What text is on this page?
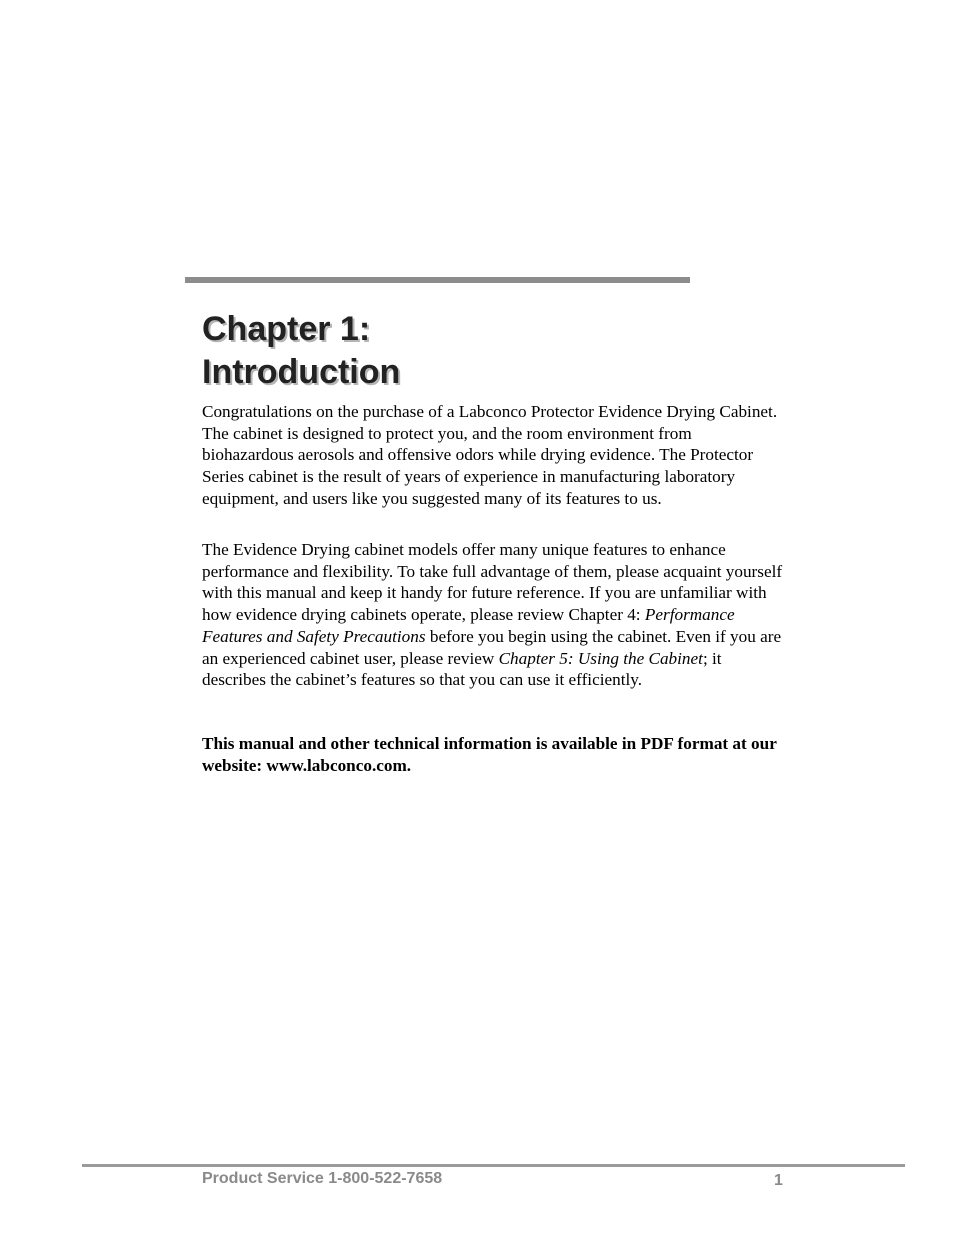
Chapter 1:
Introduction

Congratulations on the purchase of a Labconco Protector Evidence Drying Cabinet. The cabinet is designed to protect you, and the room environment from biohazardous aerosols and offensive odors while drying evidence. The Protector Series cabinet is the result of years of experience in manufacturing laboratory equipment, and users like you suggested many of its features to us.

The Evidence Drying cabinet models offer many unique features to enhance performance and flexibility. To take full advantage of them, please acquaint yourself with this manual and keep it handy for future reference. If you are unfamiliar with how evidence drying cabinets operate, please review Chapter 4: Performance Features and Safety Precautions before you begin using the cabinet. Even if you are an experienced cabinet user, please review Chapter 5: Using the Cabinet; it describes the cabinet’s features so that you can use it efficiently.

This manual and other technical information is available in PDF format at our website: www.labconco.com.

Product Service 1-800-522-7658	1
